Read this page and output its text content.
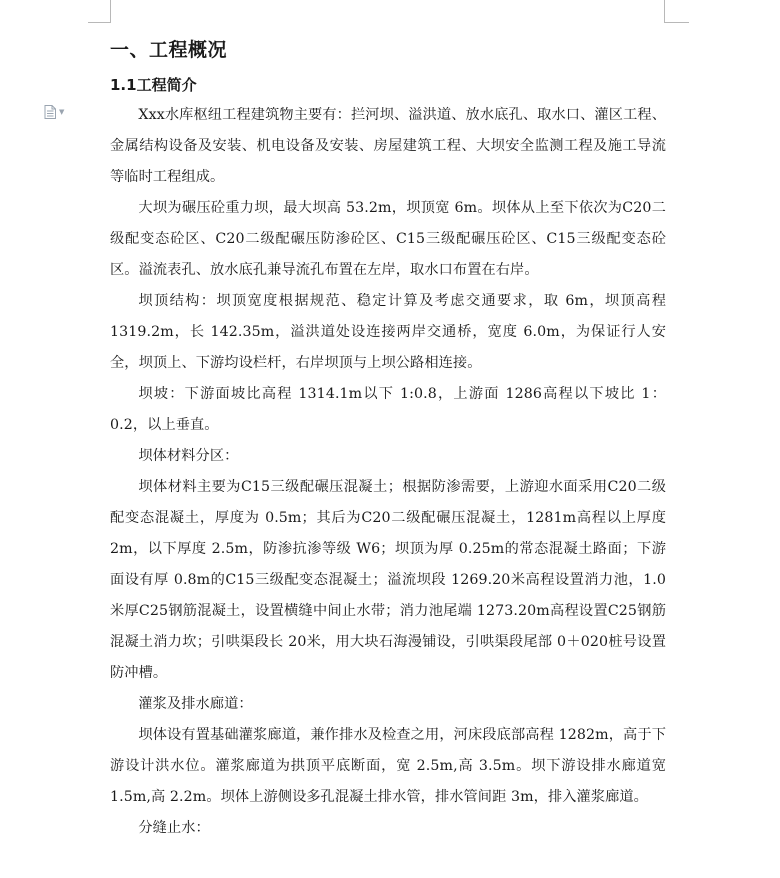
▼
一、工程概况
1.1工程简介

Xxx水库枢纽工程建筑物主要有：拦河坝、溢洪道、放水底孔、取水口、灌区工程、金属结构设备及安装、机电设备及安装、房屋建筑工程、大坝安全监测工程及施工导流等临时工程组成。

大坝为碾压砼重力坝，最大坝高 53.2m，坝顶宽 6m。坝体从上至下依次为C20二级配变态砼区、C20二级配碾压防渗砼区、C15三级配碾压砼区、C15三级配变态砼区。溢流表孔、放水底孔兼导流孔布置在左岸，取水口布置在右岸。

坝顶结构：坝顶宽度根据规范、稳定计算及考虑交通要求，取 6m，坝顶高程 1319.2m，长 142.35m，溢洪道处设连接两岸交通桥，宽度 6.0m，为保证行人安全，坝顶上、下游均设栏杆，右岸坝顶与上坝公路相连接。

坝坡：下游面坡比高程 1314.1m以下 1:0.8，上游面 1286高程以下坡比 1：0.2，以上垂直。

坝体材料分区：

坝体材料主要为C15三级配碾压混凝土；根据防渗需要，上游迎水面采用C20二级配变态混凝土，厚度为 0.5m；其后为C20二级配碾压混凝土，1281m高程以上厚度 2m，以下厚度 2.5m，防渗抗渗等级 W6；坝顶为厚 0.25m的常态混凝土路面；下游面设有厚 0.8m的C15三级配变态混凝土；溢流坝段 1269.20米高程设置消力池，1.0米厚C25钢筋混凝土，设置横缝中间止水带；消力池尾端 1273.20m高程设置C25钢筋混凝土消力坎；引哄渠段长 20米，用大块石海漫铺设，引哄渠段尾部 0＋020桩号设置防冲槽。

灌浆及排水廊道：

坝体设有置基础灌浆廊道，兼作排水及检查之用，河床段底部高程 1282m，高于下游设计洪水位。灌浆廊道为拱顶平底断面，宽 2.5m,高 3.5m。坝下游设排水廊道宽 1.5m,高 2.2m。坝体上游侧设多孔混凝土排水管，排水管间距 3m，排入灌浆廊道。

分缝止水：
